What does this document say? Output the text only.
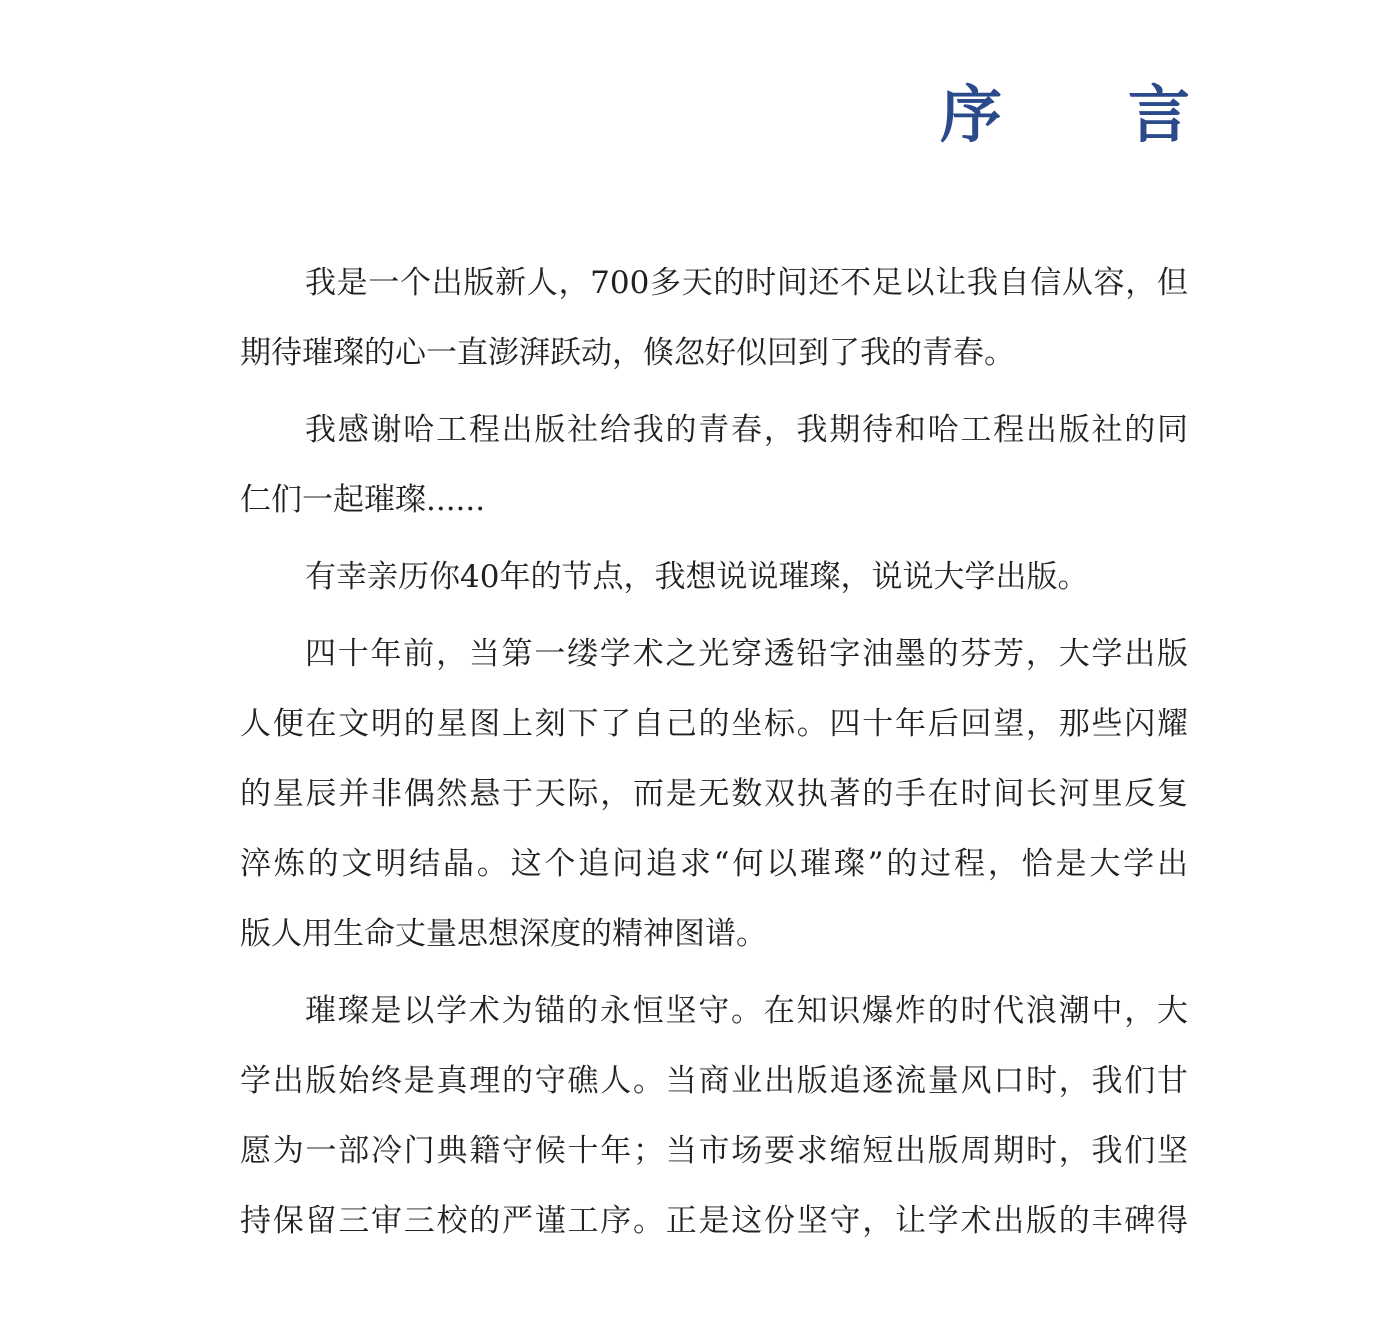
序 言
我是一个出版新人，700多天的时间还不足以让我自信从容，但
期待璀璨的心一直澎湃跃动，倏忽好似回到了我的青春。
我感谢哈工程出版社给我的青春，我期待和哈工程出版社的同
仁们一起璀璨......
有幸亲历你40年的节点，我想说说璀璨，说说大学出版。
四十年前，当第一缕学术之光穿透铅字油墨的芬芳，大学出版
人便在文明的星图上刻下了自己的坐标。四十年后回望，那些闪耀
的星辰并非偶然悬于天际，而是无数双执著的手在时间长河里反复
淬炼的文明结晶。这个追问追求“何以璀璨”的过程，恰是大学出
版人用生命丈量思想深度的精神图谱。
璀璨是以学术为锚的永恒坚守。在知识爆炸的时代浪潮中，大
学出版始终是真理的守礁人。当商业出版追逐流量风口时，我们甘
愿为一部冷门典籍守候十年；当市场要求缩短出版周期时，我们坚
持保留三审三校的严谨工序。正是这份坚守，让学术出版的丰碑得
